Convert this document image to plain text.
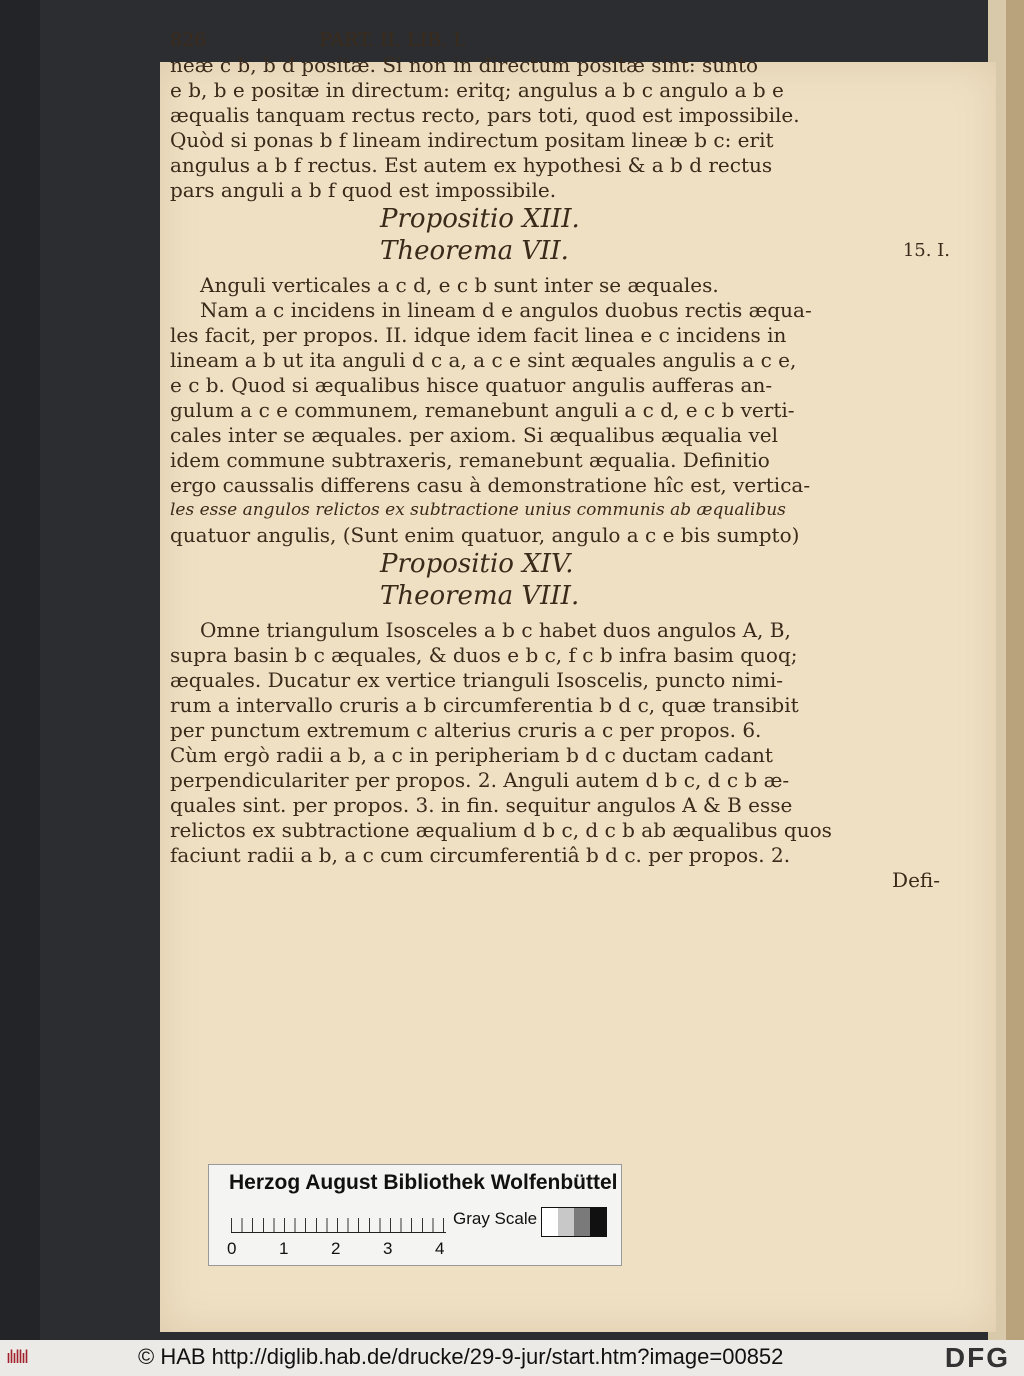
826	PART. II. LIB. I.
neæ c b, b d positæ. Si non in directum positæ sint: sunto
e b, b e positæ in directum: eritq; angulus a b c angulo a b e
æqualis tanquam rectus recto, pars toti, quod est impossibile.
Quòd si ponas b f lineam indirectum positam lineæ b c: erit
angulus a b f rectus. Est autem ex hypothesi & a b d rectus
pars anguli a b f quod est impossibile.
Propositio XIII.
Theorema VII.	15. I.
Anguli verticales a c d, e c b sunt inter se æquales.
Nam a c incidens in lineam d e angulos duobus rectis æqua-
les facit, per propos. II. idque idem facit linea e c incidens in
lineam a b ut ita anguli d c a, a c e sint æquales angulis a c e,
e c b. Quod si æqualibus hisce quatuor angulis aufferas an-
gulum a c e communem, remanebunt anguli a c d, e c b verti-
cales inter se æquales. per axiom. Si æqualibus æqualia vel
idem commune subtraxeris, remanebunt æqualia. Definitio
ergo caussalis differens casu à demonstratione hîc est, vertica-
les esse angulos relictos ex subtractione unius communis ab æqualibus
quatuor angulis, (Sunt enim quatuor, angulo a c e bis sumpto)
Propositio XIV.
Theorema VIII.
Omne triangulum Isosceles a b c habet duos angulos A, B,
supra basin b c æquales, & duos e b c, f c b infra basim quoq;
æquales. Ducatur ex vertice trianguli Isoscelis, puncto nimi-
rum a intervallo cruris a b circumferentia b d c, quæ transibit
per punctum extremum c alterius cruris a c per propos. 6.
Cùm ergò radii a b, a c in peripheriam b d c ductam cadant
perpendiculariter per propos. 2. Anguli autem d b c, d c b æ-
quales sint. per propos. 3. in fin. sequitur angulos A & B esse
relictos ex subtractione æqualium d b c, d c b ab æqualibus quos
faciunt radii a b, a c cum circumferentiâ b d c. per propos. 2.
Defi-
Herzog August Bibliothek Wolfenbüttel
Gray Scale
0	1	2	3	4
ılıllıl	© HAB http://diglib.hab.de/drucke/29-9-jur/start.htm?image=00852	DFG
